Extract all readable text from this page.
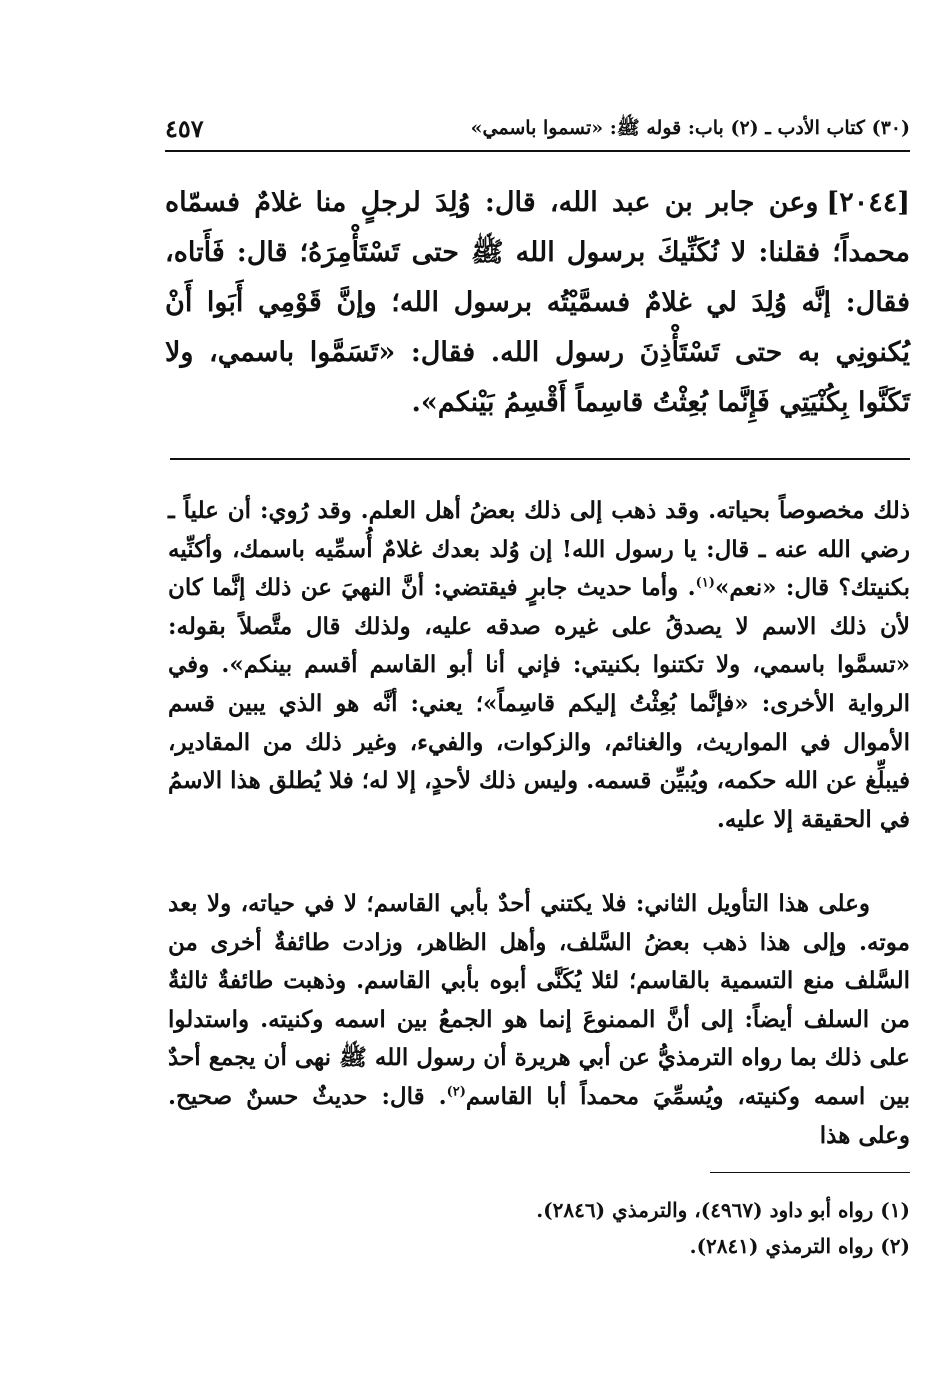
٤٥٧	(٣٠) كتاب الأدب ـ (٢) باب: قوله ﷺ: «تسموا باسمي»
[٢٠٤٤]وعن جابر بن عبد الله، قال: وُلِدَ لرجلٍ منا غلامٌ فسمّاه محمداً؛ فقلنا: لا نُكَنِّيكَ برسول الله ﷺ حتى تَسْتَأْمِرَهُ؛ قال: فَأَتاه، فقال: إنَّه وُلِدَ لي غلامٌ فسمَّيْتُه برسول الله؛ وإنَّ قَوْمِي أَبَوا أَنْ يُكنونِي به حتى تَسْتَأْذِنَ رسول الله. فقال: «تَسَمَّوا باسمي، ولا تَكَنَّوا بِكُنْيَتِي فَإِنَّما بُعِثْتُ قاسِماً أَقْسِمُ بَيْنكم».
ذلك مخصوصاً بحياته. وقد ذهب إلى ذلك بعضُ أهل العلم. وقد رُوي: أن علياً ـ رضي الله عنه ـ قال: يا رسول الله! إن وُلد بعدك غلامٌ أُسمِّيه باسمك، وأكنِّيه بكنيتك؟ قال: «نعم»$^{(١)}$. وأما حديث جابرٍ فيقتضي: أنَّ النهيَ عن ذلك إنَّما كان لأن ذلك الاسم لا يصدقُ على غيره صدقه عليه، ولذلك قال متَّصلاً بقوله: «تسمَّوا باسمي، ولا تكتنوا بكنيتي: فإني أنا أبو القاسم أقسم بينكم». وفي الرواية الأخرى: «فإنَّما بُعِثْتُ إليكم قاسِماً»؛ يعني: أنَّه هو الذي يبين قسم الأموال في المواريث، والغنائم، والزكوات، والفيء، وغير ذلك من المقادير، فيبلِّغ عن الله حكمه، ويُبيِّن قسمه. وليس ذلك لأحدٍ، إلا له؛ فلا يُطلق هذا الاسمُ في الحقيقة إلا عليه.
وعلى هذا التأويل الثاني: فلا يكتني أحدٌ بأبي القاسم؛ لا في حياته، ولا بعد موته. وإلى هذا ذهب بعضُ السَّلف، وأهل الظاهر، وزادت طائفةٌ أخرى من السَّلف منع التسمية بالقاسم؛ لئلا يُكَنَّى أبوه بأبي القاسم. وذهبت طائفةٌ ثالثةٌ من السلف أيضاً: إلى أنَّ الممنوعَ إنما هو الجمعُ بين اسمه وكنيته. واستدلوا على ذلك بما رواه الترمذيُّ عن أبي هريرة أن رسول الله ﷺ نهى أن يجمع أحدٌ بين اسمه وكنيته، ويُسمِّيَ محمداً أبا القاسم$^{(٢)}$. قال: حديثٌ حسنٌ صحيح. وعلى هذا
(١) رواه أبو داود (٤٩٦٧)، والترمذي (٢٨٤٦).
(٢) رواه الترمذي (٢٨٤١).
